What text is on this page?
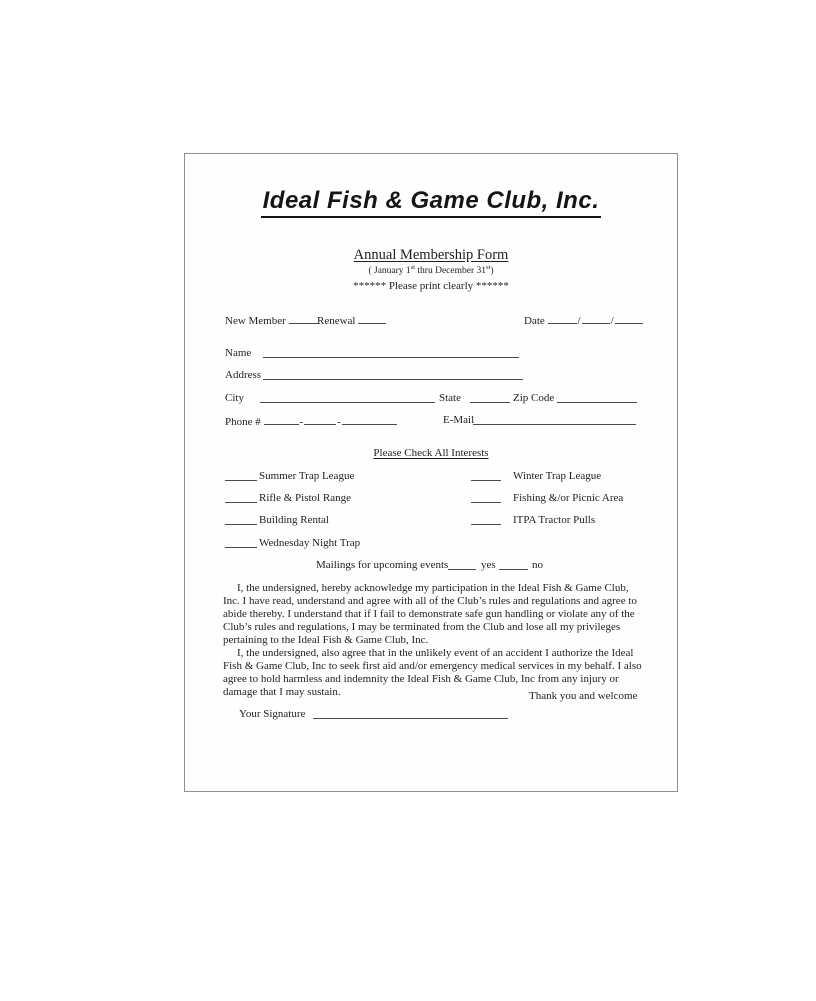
Ideal Fish & Game Club, Inc.
Annual Membership Form
( January 1st thru December 31st)
****** Please print clearly ******
New Member	Renewal	Date	/	/
Name
Address
City	State	Zip Code
Phone #	-	-	E-Mail
Please Check All Interests
Summer Trap League	Winter Trap League
Rifle & Pistol Range	Fishing &/or Picnic Area
Building Rental	ITPA Tractor Pulls
Wednesday Night Trap
Mailings for upcoming events	yes	no
I, the undersigned, hereby acknowledge my participation in the Ideal Fish & Game Club, Inc. I have read, understand and agree with all of the Club’s rules and regulations and agree to abide thereby. I understand that if I fail to demonstrate safe gun handling or violate any of the Club’s rules and regulations, I may be terminated from the Club and lose all my privileges pertaining to the Ideal Fish & Game Club, Inc.
I, the undersigned, also agree that in the unlikely event of an accident I authorize the Ideal Fish & Game Club, Inc to seek first aid and/or emergency medical services in my behalf. I also agree to hold harmless and indemnity the Ideal Fish & Game Club, Inc from any injury or damage that I may sustain.	Thank you and welcome
Your Signature
